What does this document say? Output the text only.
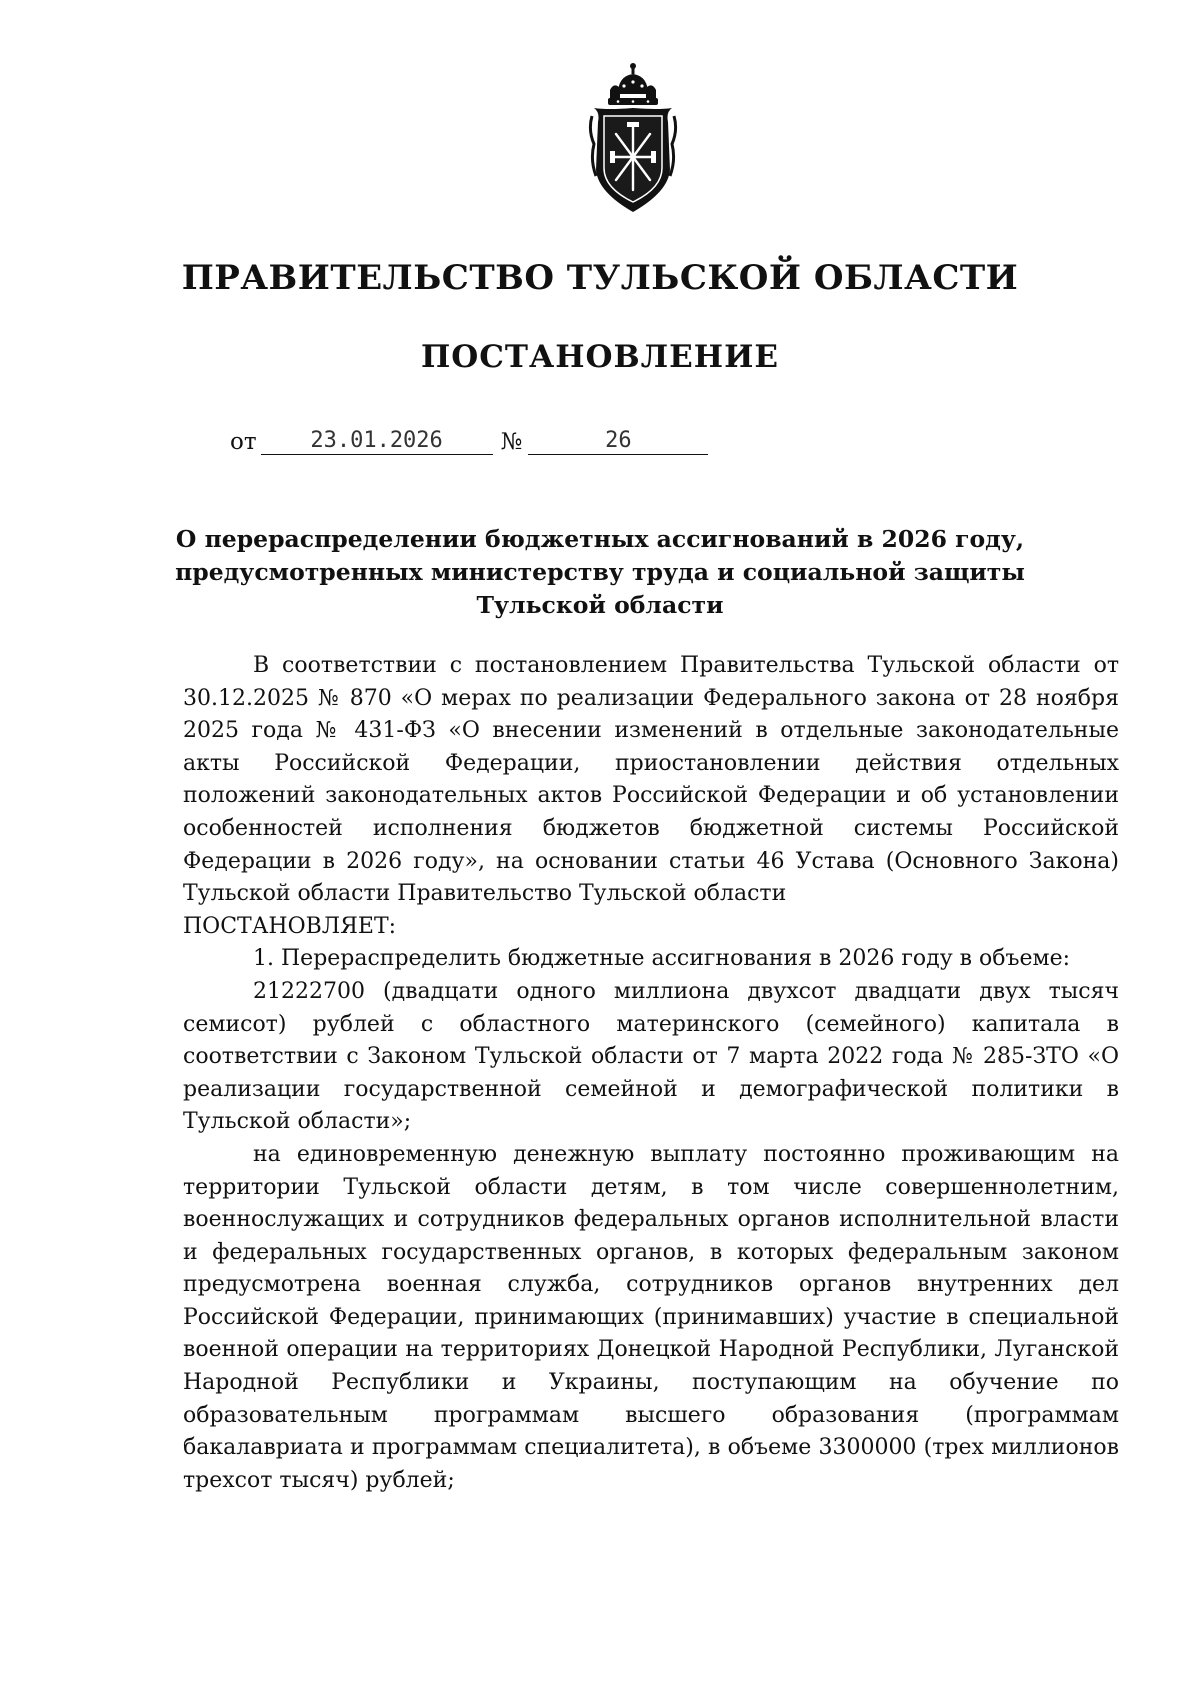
ПРАВИТЕЛЬСТВО ТУЛЬСКОЙ ОБЛАСТИ
ПОСТАНОВЛЕНИЕ
от	23.01.2026	№	26
О перераспределении бюджетных ассигнований в 2026 году,
предусмотренных министерству труда и социальной защиты
Тульской области

В соответствии с постановлением Правительства Тульской области от 30.12.2025 № 870 «О мерах по реализации Федерального закона от 28 ноября 2025 года № 431-ФЗ «О внесении изменений в отдельные законодательные акты Российской Федерации, приостановлении действия отдельных положений законодательных актов Российской Федерации и об установлении особенностей исполнения бюджетов бюджетной системы Российской Федерации в 2026 году», на основании статьи 46 Устава (Основного Закона) Тульской области Правительство Тульской области

ПОСТАНОВЛЯЕТ:

1. Перераспределить бюджетные ассигнования в 2026 году в объеме:

21222700 (двадцати одного миллиона двухсот двадцати двух тысяч семисот) рублей с областного материнского (семейного) капитала в соответствии с Законом Тульской области от 7 марта 2022 года № 285-ЗТО «О реализации государственной семейной и демографической политики в Тульской области»;

на единовременную денежную выплату постоянно проживающим на территории Тульской области детям, в том числе совершеннолетним, военнослужащих и сотрудников федеральных органов исполнительной власти и федеральных государственных органов, в которых федеральным законом предусмотрена военная служба, сотрудников органов внутренних дел Российской Федерации, принимающих (принимавших) участие в специальной военной операции на территориях Донецкой Народной Республики, Луганской Народной Республики и Украины, поступающим на обучение по образовательным программам высшего образования (программам бакалавриата и программам специалитета), в объеме 3300000 (трех миллионов трехсот тысяч) рублей;
